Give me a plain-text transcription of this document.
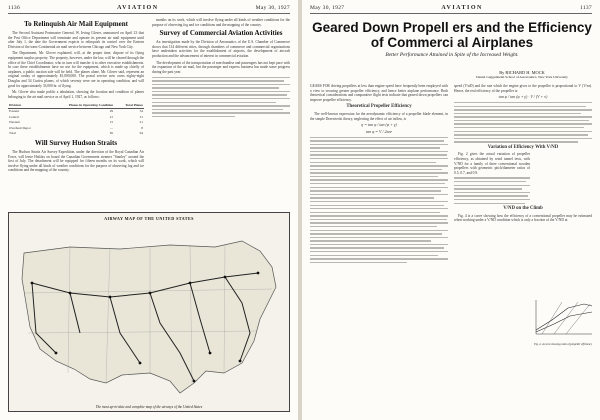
1136	AVIATION	May 30, 1927
To Relinquish Air Mail Equipment

The Second Assistant Postmaster General, W. Irving Glover, announced on April 23 that the Post Office Department will terminate and operate its present air mail equipment until after July 1, the date the Government expects to relinquish its control over the Eastern Division of the trans-Continental air mail service between Chicago and New York City.

The Department, Mr. Glover explained, will, at the proper time, dispose of its flying equipment surplus property. The property, however, under the law, will be cleared through the office of the Chief Coordinator, who in turn will transfer it to other executive establishments. In case these establishments have no use for the equipment, which is made up chiefly of airplanes, a public auction sale will be held. The planes alone, Mr. Glover said, represent an original outlay of approximately $1,000,000. The postal service now owns eighty-eight Douglas and 34 Curtiss planes, of which seventy were are in operating condition, and will good for approximately 33,000 hr. of flying.

Mr. Glover also made public a tabulation, showing the location and condition of planes belonging to the air mail service as of April 1, 1927, as follows:

Division	Planes in Operating Condition	Total Planes
Eastern	29	34
Central	21	31
Western	15	21
Overhaul Depot	—	8
Total	65	94
Will Survey Hudson Straits

The Hudson Straits Air Survey Expedition, under the direction of the Royal Canadian Air Force, will leave Halifax on board the Canadian Government steamer "Stanley" around the first of July. The detachment will be equipped for fifteen months on its work, which will involve flying under all kinds of weather conditions for the purpose of observing fog and ice conditions and the mapping of the country.

months on its work, which will involve flying under all kinds of weather conditions for the purpose of observing fog and ice conditions and the mapping of the country.

Survey of Commercial Aviation Activities

An investigation made by the Division of Aeronautics of the U.S. Chamber of Commerce shows that 134 different cities, through chambers of commerce and commercial organizations have undertaken activities for the establishment of airports, the development of aircraft production and the advancement of interest in commercial aviation.

The development of the transportation of merchandise and passengers has not kept pace with the expansion of the air mail, but the passenger and express business has made some progress during the past year.

AIRWAY MAP OF THE UNITED STATES
The most up-to-date and complete map of the airways of the United States
May 30, 1927	AVIATION	1137
Geared Down Propell ers and the Efficiency of Commerci al Airplanes
Better Performance Attained in Spite of the Increased Weight.
By RICHARD H. MOCK
Daniel Guggenheim School of Aeronautics, New York University

GEARS FOR driving propellers at less than engine speed have frequently been employed with a view to securing greater propeller efficiency, and hence better airplane performance. Both theoretical considerations and comparative flight tests indicate that geared down propellers can improve propeller efficiency.

Theoretical Propeller Efficiency

The well-known expression for the aerodynamic efficiency of a propeller blade element, in the simple Drzewiecki theory, neglecting the effect of air inflow, is

η = tan φ / tan (φ + γ)
tan φ = V / 2πnr

speed (V/nD) and the rate which the engine gives to the propeller is proportional to V (V/nr). Hence, the real efficiency of the propeller is:

tan φ / tan (φ + γ) · V / (V + v)
Variation of Efficiency With V/ND

Fig. 2 gives the actual variation of propeller efficiency, as obtained by wind tunnel tests, with V/ND for a family of three conventional wooden propellers with geometric pitch/diameter ratios of 0.5, 0.7, and 0.9.

V/ND on the Climb

Fig. 4 is a curve showing how the efficiency of a conventional propeller may be estimated when working under a V/ND condition which is only a fraction of the V/ND at

Fig. 2. A curve showing ratio of propeller efficiency
